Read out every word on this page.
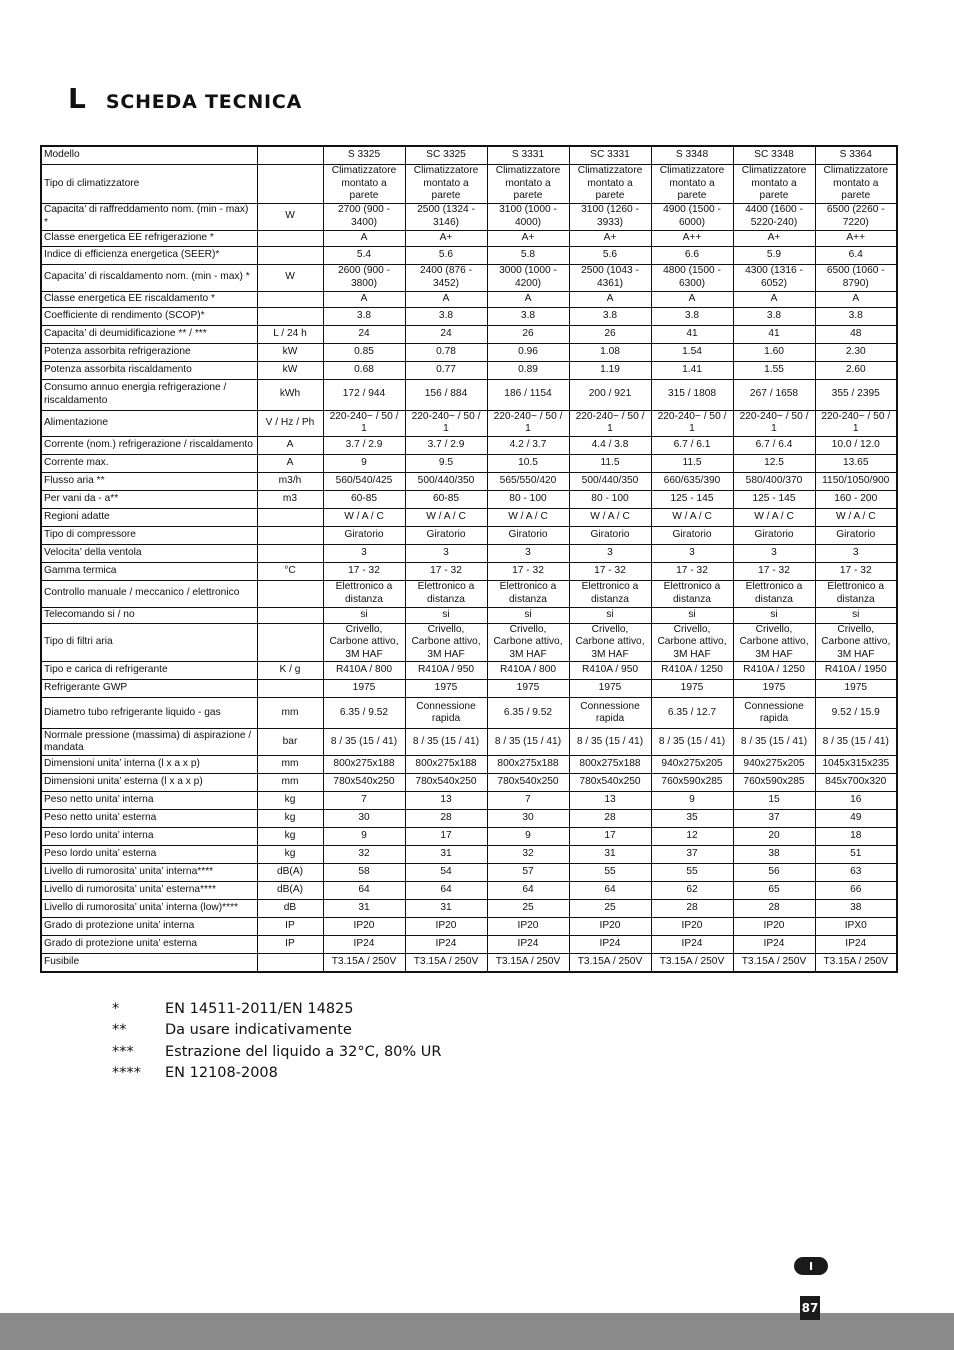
L SCHEDA TECNICA
Modello		S 3325	SC 3325	S 3331	SC 3331	S 3348	SC 3348	S 3364
Tipo di climatizzatore		Climatizzatore montato a parete	Climatizzatore montato a parete	Climatizzatore montato a parete	Climatizzatore montato a parete	Climatizzatore montato a parete	Climatizzatore montato a parete	Climatizzatore montato a parete
Capacita’ di raffreddamento nom. (min - max) *	W	2700 (900 - 3400)	2500 (1324 - 3146)	3100 (1000 - 4000)	3100 (1260 - 3933)	4900 (1500 - 6000)	4400 (1600 - 5220-240)	6500 (2260 - 7220)
Classe energetica EE refrigerazione *		A	A+	A+	A+	A++	A+	A++
Indice di efficienza energetica (SEER)*		5.4	5.6	5.8	5.6	6.6	5.9	6.4
Capacita’ di riscaldamento nom. (min - max) *	W	2600 (900 - 3800)	2400 (876 - 3452)	3000 (1000 - 4200)	2500 (1043 - 4361)	4800 (1500 - 6300)	4300 (1316 - 6052)	6500 (1060 - 8790)
Classe energetica EE riscaldamento *		A	A	A	A	A	A	A
Coefficiente di rendimento (SCOP)*		3.8	3.8	3.8	3.8	3.8	3.8	3.8
Capacita’ di deumidificazione ** / ***	L / 24 h	24	24	26	26	41	41	48
Potenza assorbita refrigerazione	kW	0.85	0.78	0.96	1.08	1.54	1.60	2.30
Potenza assorbita riscaldamento	kW	0.68	0.77	0.89	1.19	1.41	1.55	2.60
Consumo annuo energia refrigerazione / riscaldamento	kWh	172 / 944	156 / 884	186 / 1154	200 / 921	315 / 1808	267 / 1658	355 / 2395
Alimentazione	V / Hz / Ph	220-240~ / 50 / 1	220-240~ / 50 / 1	220-240~ / 50 / 1	220-240~ / 50 / 1	220-240~ / 50 / 1	220-240~ / 50 / 1	220-240~ / 50 / 1
Corrente (nom.) refrigerazione / riscaldamento	A	3.7 / 2.9	3.7 / 2.9	4.2 / 3.7	4.4 / 3.8	6.7 / 6.1	6.7 / 6.4	10.0 / 12.0
Corrente max.	A	9	9.5	10.5	11.5	11.5	12.5	13.65
Flusso aria **	m3/h	560/540/425	500/440/350	565/550/420	500/440/350	660/635/390	580/400/370	1150/1050/900
Per vani da - a**	m3	60-85	60-85	80 - 100	80 - 100	125 - 145	125 - 145	160 - 200
Regioni adatte		W / A / C	W / A / C	W / A / C	W / A / C	W / A / C	W / A / C	W / A / C
Tipo di compressore		Giratorio	Giratorio	Giratorio	Giratorio	Giratorio	Giratorio	Giratorio
Velocita’ della ventola		3	3	3	3	3	3	3
Gamma termica	°C	17 - 32	17 - 32	17 - 32	17 - 32	17 - 32	17 - 32	17 - 32
Controllo manuale / meccanico / elettronico		Elettronico a distanza	Elettronico a distanza	Elettronico a distanza	Elettronico a distanza	Elettronico a distanza	Elettronico a distanza	Elettronico a distanza
Telecomando si / no		si	si	si	si	si	si	si
Tipo di filtri aria		Crivello, Carbone attivo, 3M HAF	Crivello, Carbone attivo, 3M HAF	Crivello, Carbone attivo, 3M HAF	Crivello, Carbone attivo, 3M HAF	Crivello, Carbone attivo, 3M HAF	Crivello, Carbone attivo, 3M HAF	Crivello, Carbone attivo, 3M HAF
Tipo e carica di refrigerante	K / g	R410A / 800	R410A / 950	R410A / 800	R410A / 950	R410A / 1250	R410A / 1250	R410A / 1950
Refrigerante GWP		1975	1975	1975	1975	1975	1975	1975
Diametro tubo refrigerante liquido - gas	mm	6.35 / 9.52	Connessione rapida	6.35 / 9.52	Connessione rapida	6.35 / 12.7	Connessione rapida	9.52 / 15.9
Normale pressione (massima) di aspirazione / mandata	bar	8 / 35 (15 / 41)	8 / 35 (15 / 41)	8 / 35 (15 / 41)	8 / 35 (15 / 41)	8 / 35 (15 / 41)	8 / 35 (15 / 41)	8 / 35 (15 / 41)
Dimensioni unita’ interna (l x a x p)	mm	800x275x188	800x275x188	800x275x188	800x275x188	940x275x205	940x275x205	1045x315x235
Dimensioni unita’ esterna (l x a x p)	mm	780x540x250	780x540x250	780x540x250	780x540x250	760x590x285	760x590x285	845x700x320
Peso netto unita’ interna	kg	7	13	7	13	9	15	16
Peso netto unita’ esterna	kg	30	28	30	28	35	37	49
Peso lordo unita’ interna	kg	9	17	9	17	12	20	18
Peso lordo unita’ esterna	kg	32	31	32	31	37	38	51
Livello di rumorosita’ unita’ interna****	dB(A)	58	54	57	55	55	56	63
Livello di rumorosita’ unita’ esterna****	dB(A)	64	64	64	64	62	65	66
Livello di rumorosita’ unita’ interna (low)****	dB	31	31	25	25	28	28	38
Grado di protezione unita’ interna	IP	IP20	IP20	IP20	IP20	IP20	IP20	IPX0
Grado di protezione unita’ esterna	IP	IP24	IP24	IP24	IP24	IP24	IP24	IP24
Fusibile		T3.15A / 250V	T3.15A / 250V	T3.15A / 250V	T3.15A / 250V	T3.15A / 250V	T3.15A / 250V	T3.15A / 250V
*	EN 14511-2011/EN 14825
**	Da usare indicativamente
***	Estrazione del liquido a 32°C, 80% UR
****	EN 12108-2008
I
87
